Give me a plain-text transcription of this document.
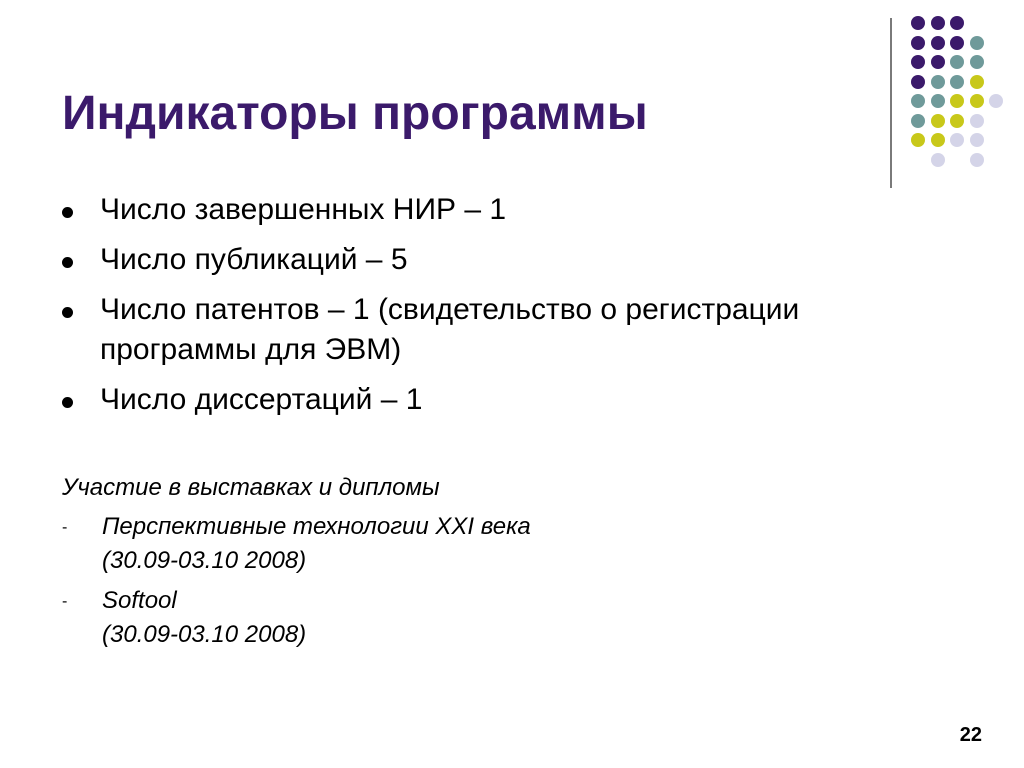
Индикаторы программы
Число завершенных НИР – 1
Число публикаций – 5
Число патентов – 1 (свидетельство о регистрации программы для ЭВМ)
Число диссертаций – 1
Участие в выставках и дипломы
- Перспективные технологии XXI века
(30.09-03.10 2008)
- Softool
(30.09-03.10 2008)
22
